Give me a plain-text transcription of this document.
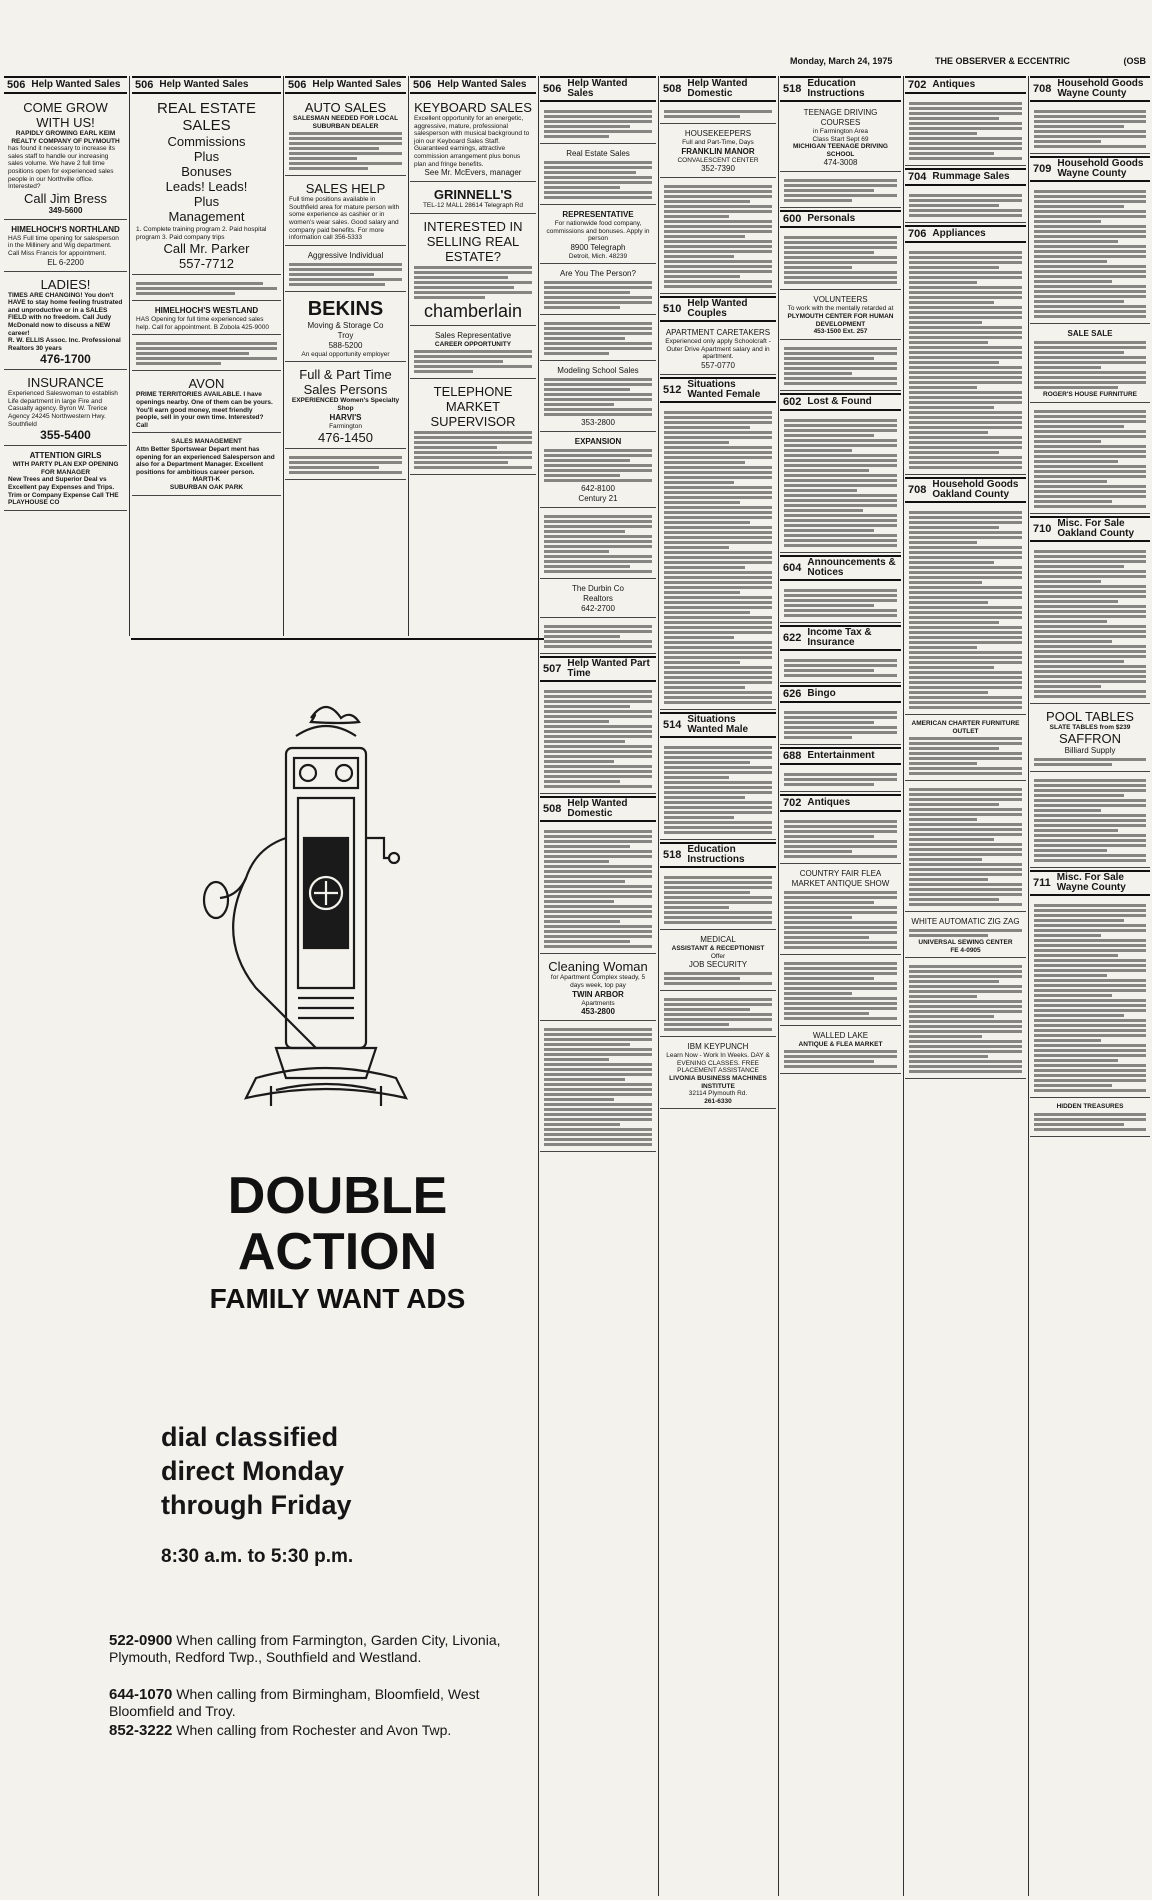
Monday, March 24, 1975	THE OBSERVER & ECCENTRIC	(OSB
506 Help Wanted Sales
COME GROW WITH US!
RAPIDLY GROWING EARL KEIM REALTY COMPANY OF PLYMOUTH
has found it necessary to increase its sales staff to handle our increasing sales volume. We have 2 full time positions open for experienced sales people in our Northville office. Interested?
Call Jim Bress
349-5600
HIMELHOCH'S NORTHLAND
HAS Full time opening for salesperson in the Millinery and Wig department. Call Miss Francis for appointment.
EL 6-2200
LADIES!
TIMES ARE CHANGING! You don't HAVE to stay home feeling frustrated and unproductive or in a SALES FIELD with no freedom. Call Judy McDonald now to discuss a NEW career!
R. W. ELLIS Assoc. Inc. Professional Realtors 30 years
476-1700
INSURANCE
Experienced Saleswoman to establish Life department in large Fire and Casualty agency. Byron W. Trerice Agency 24245 Northwestern Hwy. Southfield
355-5400
ATTENTION GIRLS
WITH PARTY PLAN EXP OPENING FOR MANAGER
New Trees and Superior Deal vs Excellent pay Expenses and Trips. Trim or Company Expense Call THE PLAYHOUSE CO
506 Help Wanted Sales
REAL ESTATE SALES
Commissions
Plus
Bonuses
Leads! Leads!
Plus
Management
1. Complete training program 2. Paid hospital program 3. Paid company trips
Call Mr. Parker
557-7712
HIMELHOCH'S WESTLAND
HAS Opening for full time experienced sales help. Call for appointment. B Zobola 425-9000
AVON
PRIME TERRITORIES AVAILABLE. I have openings nearby. One of them can be yours. You'll earn good money, meet friendly people, sell in your own time. Interested? Call
SALES MANAGEMENT
Attn Better Sportswear Depart ment has opening for an experienced Salesperson and also for a Department Manager. Excellent positions for ambitious career person.
MARTI-K
SUBURBAN OAK PARK
506 Help Wanted Sales
AUTO SALES
SALESMAN NEEDED FOR LOCAL SUBURBAN DEALER
SALES HELP
Full time positions available in Southfield area for mature person with some experience as cashier or in women's wear sales. Good salary and company paid benefits. For more information call 356-5333
Aggressive Individual
BEKINS
Moving & Storage Co
Troy
588-5200
An equal opportunity employer
Full & Part Time Sales Persons
EXPERIENCED Women's Specialty Shop
HARVI'S
Farmington
476-1450
506 Help Wanted Sales
KEYBOARD SALES
Excellent opportunity for an energetic, aggressive, mature, professional salesperson with musical background to join our Keyboard Sales Staff. Guaranteed earnings, attractive commission arrangement plus bonus plan and fringe benefits.
See Mr. McEvers, manager
GRINNELL'S
TEL-12 MALL 28614 Telegraph Rd
INTERESTED IN SELLING REAL ESTATE?
chamberlain
Sales Representative
CAREER OPPORTUNITY
TELEPHONE MARKET SUPERVISOR
DOUBLE
ACTION
FAMILY WANT ADS
dial classified
direct Monday
through Friday
8:30 a.m. to 5:30 p.m.
522-0900 When calling from Farmington, Garden City, Livonia, Plymouth, Redford Twp., Southfield and Westland.
644-1070 When calling from Birmingham, Bloomfield, West Bloomfield and Troy.
852-3222 When calling from Rochester and Avon Twp.
506 Help Wanted Sales
Real Estate Sales
REPRESENTATIVE
For nationwide food company, commissions and bonuses. Apply in person
8900 Telegraph
Detroit, Mich. 48239
Are You The Person?
Modeling School Sales
353-2800
EXPANSION
642-8100
Century 21
The Durbin Co
Realtors
642-2700
507 Help Wanted Part Time
508 Help Wanted Domestic
Cleaning Woman
for Apartment Complex steady, 5 days week, top pay
TWIN ARBOR
Apartments
453-2800
508 Help Wanted Domestic
HOUSEKEEPERS
Full and Part-Time, Days
FRANKLIN MANOR
CONVALESCENT CENTER
352-7390
510 Help Wanted Couples
APARTMENT CARETAKERS
Experienced only apply Schoolcraft - Outer Drive Apartment salary and in apartment.
557-0770
512 Situations Wanted Female
514 Situations Wanted Male
518 Education Instructions
MEDICAL
ASSISTANT & RECEPTIONIST
Offer
JOB SECURITY
IBM KEYPUNCH
Learn Now - Work In Weeks. DAY & EVENING CLASSES. FREE PLACEMENT ASSISTANCE
LIVONIA BUSINESS MACHINES INSTITUTE
32114 Plymouth Rd.
261-6330
518 Education Instructions
TEENAGE DRIVING COURSES
in Farmington Area
Class Start Sept 69
MICHIGAN TEENAGE DRIVING SCHOOL
474-3008
600 Personals
VOLUNTEERS
To work with the mentally retarded at
PLYMOUTH CENTER FOR HUMAN DEVELOPMENT
453-1500 Ext. 257
602 Lost & Found
604 Announcements & Notices
622 Income Tax & Insurance
626 Bingo
688 Entertainment
702 Antiques
COUNTRY FAIR FLEA MARKET ANTIQUE SHOW
WALLED LAKE
ANTIQUE & FLEA MARKET
702 Antiques
704 Rummage Sales
706 Appliances
708 Household Goods Oakland County
AMERICAN CHARTER FURNITURE OUTLET
WHITE AUTOMATIC ZIG ZAG
UNIVERSAL SEWING CENTER
FE 4-0905
708 Household Goods Wayne County
709 Household Goods Wayne County
SALE SALE
ROGER'S HOUSE FURNITURE
710 Misc. For Sale Oakland County
POOL TABLES
SLATE TABLES from $239
SAFFRON
Billiard Supply
711 Misc. For Sale Wayne County
HIDDEN TREASURES
